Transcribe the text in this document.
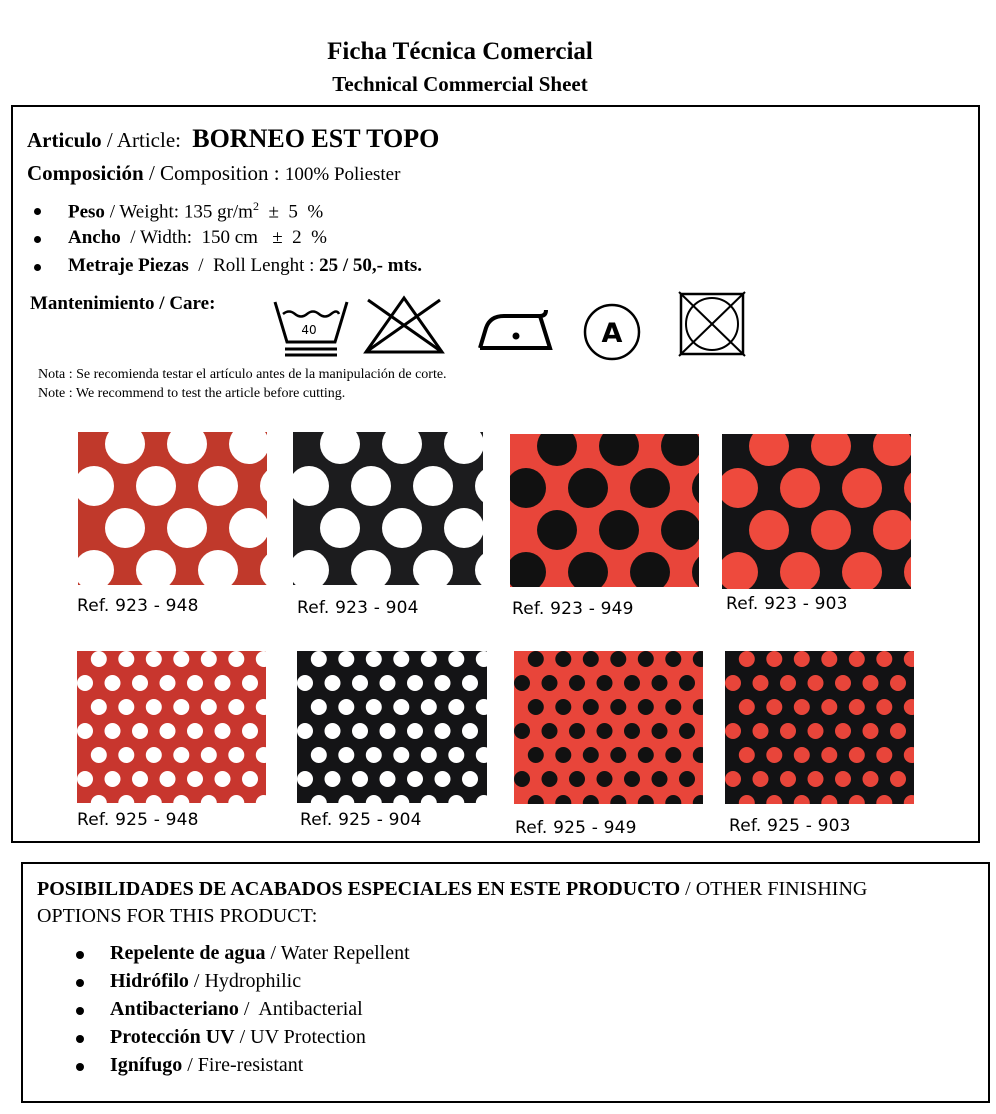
Ficha Técnica Comercial
Technical Commercial Sheet
Articulo / Article: BORNEO EST TOPO
Composición / Composition : 100% Poliester
Peso / Weight: 135 $gr/m^2 \pm 5$  %
Ancho  / Width:  150 cm   ±  2  %
Metraje Piezas  /  Roll Lenght : 25 / 50,- mts.
Mantenimiento / Care:
40	A
Nota : Se recomienda testar el artículo antes de la manipulación de corte.
Note : We recommend to test the article before cutting.
Ref. 923 - 948	Ref. 923 - 904	Ref. 923 - 949	Ref. 923 - 903
Ref. 925 - 948	Ref. 925 - 904	Ref. 925 - 949	Ref. 925 - 903
POSIBILIDADES DE ACABADOS ESPECIALES EN ESTE PRODUCTO / OTHER FINISHING OPTIONS FOR THIS PRODUCT:
Repelente de agua / Water Repellent
Hidrófilo / Hydrophilic
Antibacteriano /  Antibacterial
Protección UV / UV Protection
Ignífugo / Fire-resistant
